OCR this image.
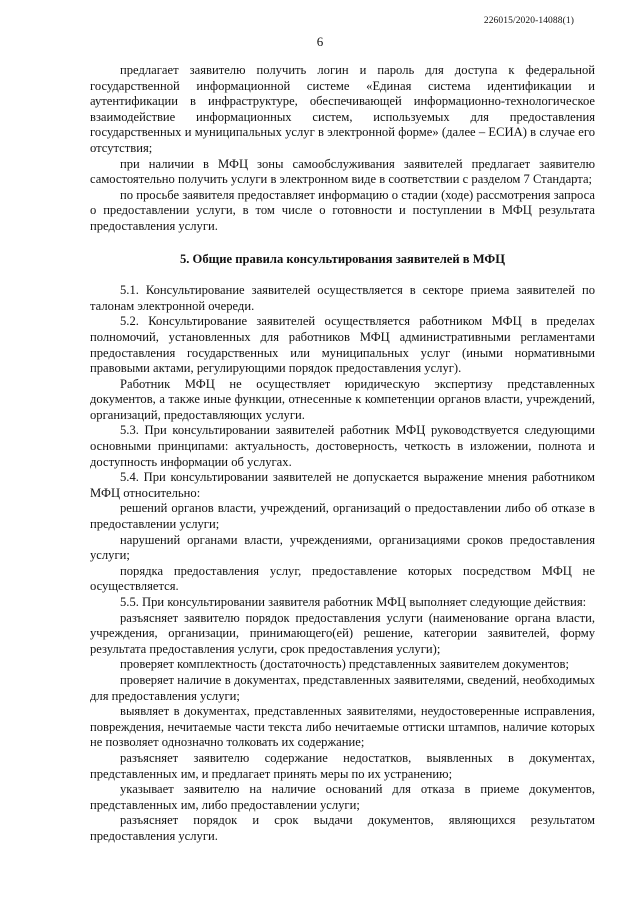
226015/2020-14088(1)
6

предлагает заявителю получить логин и пароль для доступа к федеральной государственной информационной системе «Единая система идентификации и аутентификации в инфраструктуре, обеспечивающей информационно-технологическое взаимодействие информационных систем, используемых для предоставления государственных и муниципальных услуг в электронной форме» (далее – ЕСИА) в случае его отсутствия;

при наличии в МФЦ зоны самообслуживания заявителей предлагает заявителю самостоятельно получить услуги в электронном виде в соответствии с разделом 7 Стандарта;

по просьбе заявителя предоставляет информацию о стадии (ходе) рассмотрения запроса о предоставлении услуги, в том числе о готовности и поступлении в МФЦ результата предоставления услуги.

5. Общие правила консультирования заявителей в МФЦ

5.1. Консультирование заявителей осуществляется в секторе приема заявителей по талонам электронной очереди.

5.2. Консультирование заявителей осуществляется работником МФЦ в пределах полномочий, установленных для работников МФЦ административными регламентами предоставления государственных или муниципальных услуг (иными нормативными правовыми актами, регулирующими порядок предоставления услуг).

Работник МФЦ не осуществляет юридическую экспертизу представленных документов, а также иные функции, отнесенные к компетенции органов власти, учреждений, организаций, предоставляющих услуги.

5.3. При консультировании заявителей работник МФЦ руководствуется следующими основными принципами: актуальность, достоверность, четкость в изложении, полнота и доступность информации об услугах.

5.4. При консультировании заявителей не допускается выражение мнения работником МФЦ относительно:

решений органов власти, учреждений, организаций о предоставлении либо об отказе в предоставлении услуги;

нарушений органами власти, учреждениями, организациями сроков предоставления услуги;

порядка предоставления услуг, предоставление которых посредством МФЦ не осуществляется.

5.5. При консультировании заявителя работник МФЦ выполняет следующие действия:

разъясняет заявителю порядок предоставления услуги (наименование органа власти, учреждения, организации, принимающего(ей) решение, категории заявителей, форму результата предоставления услуги, срок предоставления услуги);

проверяет комплектность (достаточность) представленных заявителем документов;

проверяет наличие в документах, представленных заявителями, сведений, необходимых для предоставления услуги;

выявляет в документах, представленных заявителями, неудостоверенные исправления, повреждения, нечитаемые части текста либо нечитаемые оттиски штампов, наличие которых не позволяет однозначно толковать их содержание;

разъясняет заявителю содержание недостатков, выявленных в документах, представленных им, и предлагает принять меры по их устранению;

указывает заявителю на наличие оснований для отказа в приеме документов, представленных им, либо предоставлении услуги;

разъясняет порядок и срок выдачи документов, являющихся результатом предоставления услуги.
